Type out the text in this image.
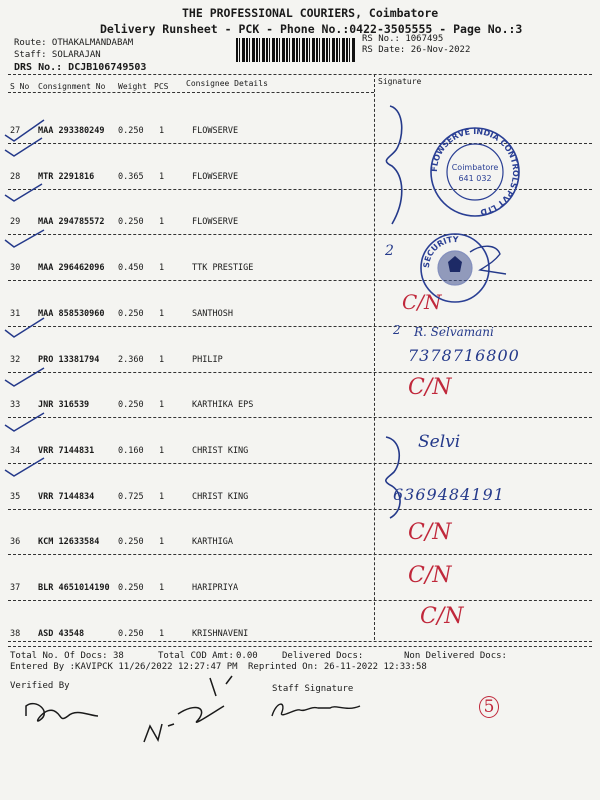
THE PROFESSIONAL COURIERS, Coimbatore
Delivery Runsheet - PCK - Phone No.:0422-3505555 - Page No.:3
Route: OTHAKALMANDABAM
Staff: SOLARAJAN
DRS No.: DCJB106749503
RS No.: 1067495
RS Date: 26-Nov-2022
S No Consignment No Weight PCS Consignee Details	Signature
27 MAA 293380249 0.250 1	FLOWSERVE
28 MTR 2291816	0.365 1	FLOWSERVE
29 MAA 294785572 0.250 1	FLOWSERVE
30 MAA 296462096 0.450 1	TTK PRESTIGE
31 MAA 858530960 0.250 1	SANTHOSH
32 PRO 13381794 2.360 1	PHILIP
33 JNR 316539	0.250 1	KARTHIKA EPS
34 VRR 7144831	0.160 1	CHRIST KING
35 VRR 7144834	0.725 1	CHRIST KING
36 KCM 12633584 0.250 1	KARTHIGA
37 BLR 4651014190 0.250 1	HARIPRIYA
38 ASD 43548	0.250 1	KRISHNAVENI
Total No. Of Docs: 38	Total COD Amt: 0.00	Delivered Docs:	Non Delivered Docs:
Entered By :KAVIPCK 11/26/2022 12:27:47 PM Reprinted On: 26-11-2022 12:33:58
Verified By	Staff Signature
2
C/N
2 R. Selvamani
7378716800
C/N
Selvi
6369484191
C/N
C/N
C/N
5
FLOWSERVE INDIA CONTROLS PVT LTD
Coimbatore
641 032
SECURITY
